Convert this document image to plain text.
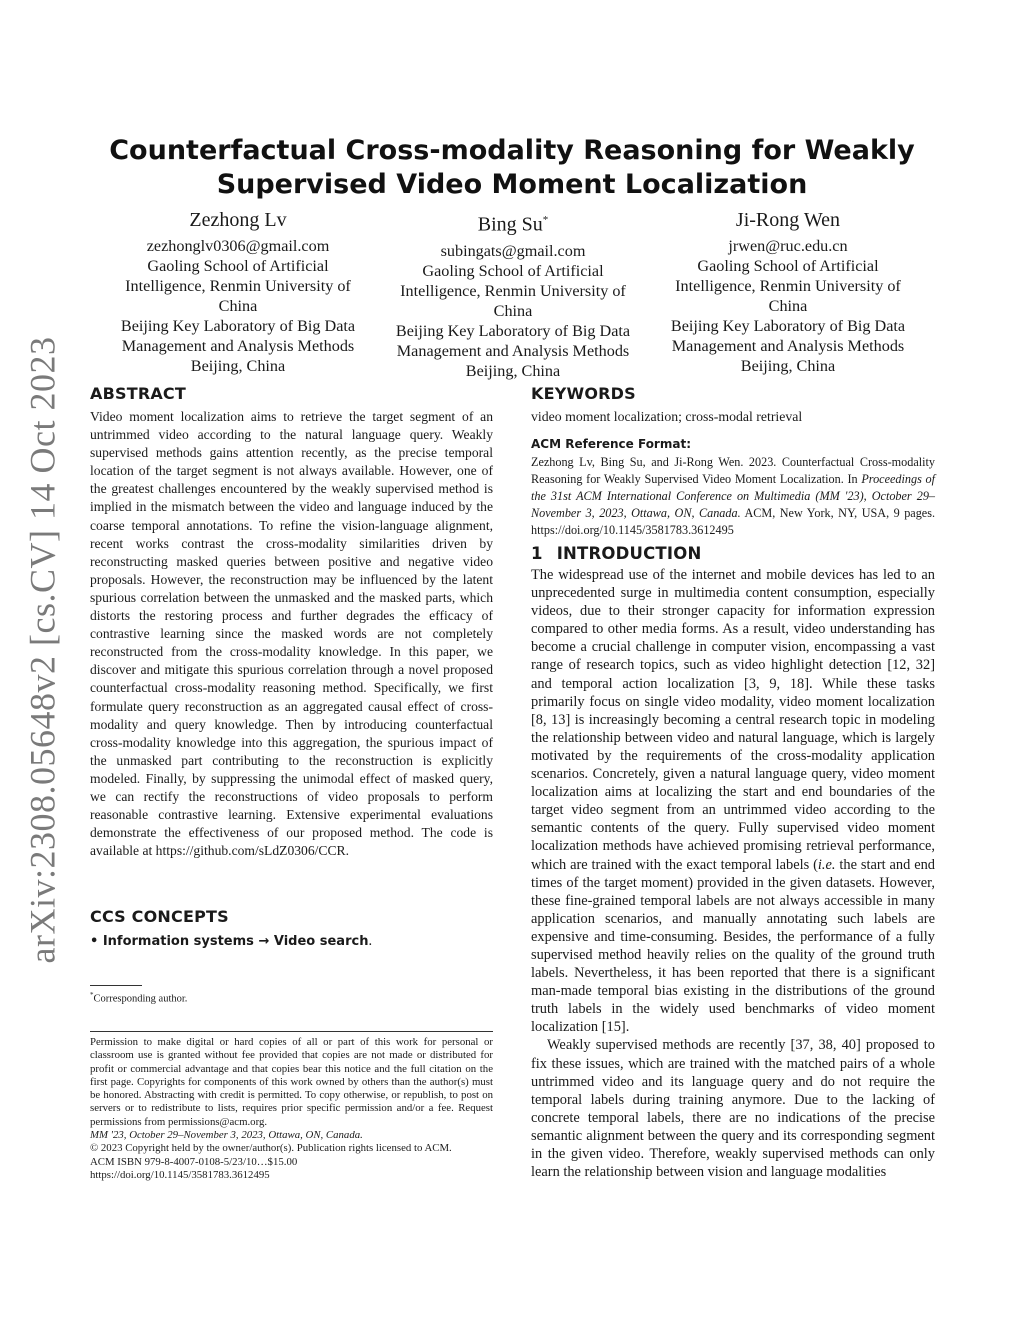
arXiv:2308.05648v2 [cs.CV] 14 Oct 2023
Counterfactual Cross-modality Reasoning for Weakly Supervised Video Moment Localization
Zezhong Lv
zezhonglv0306@gmail.com
Gaoling School of Artificial
Intelligence, Renmin University of
China
Beijing Key Laboratory of Big Data
Management and Analysis Methods
Beijing, China
Bing Su*
subingats@gmail.com
Gaoling School of Artificial
Intelligence, Renmin University of
China
Beijing Key Laboratory of Big Data
Management and Analysis Methods
Beijing, China
Ji-Rong Wen
jrwen@ruc.edu.cn
Gaoling School of Artificial
Intelligence, Renmin University of
China
Beijing Key Laboratory of Big Data
Management and Analysis Methods
Beijing, China
ABSTRACT

Video moment localization aims to retrieve the target segment of an untrimmed video according to the natural language query. Weakly supervised methods gains attention recently, as the precise temporal location of the target segment is not always available. However, one of the greatest challenges encountered by the weakly supervised method is implied in the mismatch between the video and language induced by the coarse temporal annotations. To refine the vision-language alignment, recent works contrast the cross-modality similarities driven by reconstructing masked queries between positive and negative video proposals. However, the reconstruction may be influenced by the latent spurious correlation between the unmasked and the masked parts, which distorts the restoring process and further degrades the efficacy of contrastive learning since the masked words are not completely reconstructed from the cross-modality knowledge. In this paper, we discover and mitigate this spurious correlation through a novel proposed counterfactual cross-modality reasoning method. Specifically, we first formulate query reconstruction as an aggregated causal effect of cross-modality and query knowledge. Then by introducing counterfactual cross-modality knowledge into this aggregation, the spurious impact of the unmasked part contributing to the reconstruction is explicitly modeled. Finally, by suppressing the unimodal effect of masked query, we can rectify the reconstructions of video proposals to perform reasonable contrastive learning. Extensive experimental evaluations demonstrate the effectiveness of our proposed method. The code is available at https://github.com/sLdZ0306/CCR.

CCS CONCEPTS
• Information systems → Video search.
*Corresponding author.

Permission to make digital or hard copies of all or part of this work for personal or classroom use is granted without fee provided that copies are not made or distributed for profit or commercial advantage and that copies bear this notice and the full citation on the first page. Copyrights for components of this work owned by others than the author(s) must be honored. Abstracting with credit is permitted. To copy otherwise, or republish, to post on servers or to redistribute to lists, requires prior specific permission and/or a fee. Request permissions from permissions@acm.org.

MM '23, October 29–November 3, 2023, Ottawa, ON, Canada.

© 2023 Copyright held by the owner/author(s). Publication rights licensed to ACM.

ACM ISBN 979-8-4007-0108-5/23/10…$15.00

https://doi.org/10.1145/3581783.3612495

KEYWORDS

video moment localization; cross-modal retrieval

ACM Reference Format:

Zezhong Lv, Bing Su, and Ji-Rong Wen. 2023. Counterfactual Cross-modality Reasoning for Weakly Supervised Video Moment Localization. In Proceedings of the 31st ACM International Conference on Multimedia (MM '23), October 29–November 3, 2023, Ottawa, ON, Canada. ACM, New York, NY, USA, 9 pages. https://doi.org/10.1145/3581783.3612495

1 INTRODUCTION

The widespread use of the internet and mobile devices has led to an unprecedented surge in multimedia content consumption, especially videos, due to their stronger capacity for information expression compared to other media forms. As a result, video understanding has become a crucial challenge in computer vision, encompassing a vast range of research topics, such as video highlight detection [12, 32] and temporal action localization [3, 9, 18]. While these tasks primarily focus on single video modality, video moment localization [8, 13] is increasingly becoming a central research topic in modeling the relationship between video and natural language, which is largely motivated by the requirements of the cross-modality application scenarios. Concretely, given a natural language query, video moment localization aims at localizing the start and end boundaries of the target video segment from an untrimmed video according to the semantic contents of the query. Fully supervised video moment localization methods have achieved promising retrieval performance, which are trained with the exact temporal labels (i.e. the start and end times of the target moment) provided in the given datasets. However, these fine-grained temporal labels are not always accessible in many application scenarios, and manually annotating such labels are expensive and time-consuming. Besides, the performance of a fully supervised method heavily relies on the quality of the ground truth labels. Nevertheless, it has been reported that there is a significant man-made temporal bias existing in the distributions of the ground truth labels in the widely used benchmarks of video moment localization [15].

Weakly supervised methods are recently [37, 38, 40] proposed to fix these issues, which are trained with the matched pairs of a whole untrimmed video and its language query and do not require the temporal labels during training anymore. Due to the lacking of concrete temporal labels, there are no indications of the precise semantic alignment between the query and its corresponding segment in the given video. Therefore, weakly supervised methods can only learn the relationship between vision and language modalities
